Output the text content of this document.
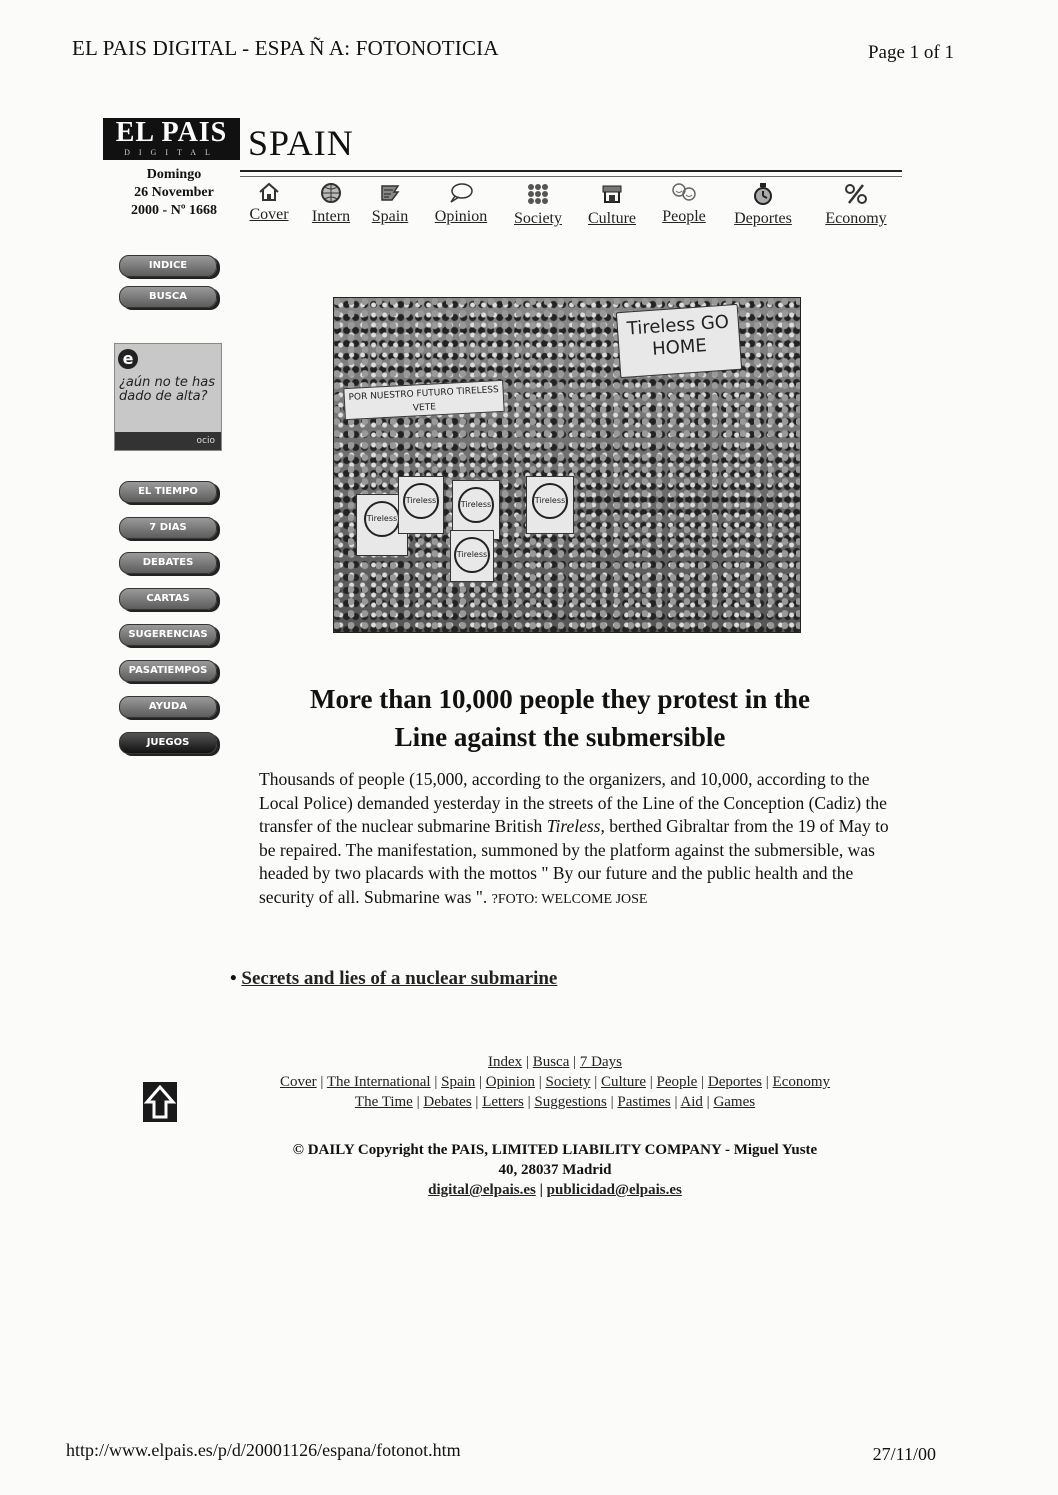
EL PAIS DIGITAL - ESPA Ñ A: FOTONOTICIA	Page 1 of 1
http://www.elpais.es/p/d/20001126/espana/fotonot.htm	27/11/00
EL PAIS
DIGITAL SPAIN
Domingo
26 November
2000 - Nº 1668	Cover	Intern	Spain Opinion Society Culture	People	Deportes	Economy
INDICE
BUSCA
e
¿aún no te has dado de alta?
ocio
EL TIEMPO
7 DIAS
DEBATES
CARTAS
SUGERENCIAS
PASATIEMPOS
AYUDA
JUEGOS
Tireless GO HOME
POR NUESTRO FUTURO TIRELESS VETE
Tireless
Tireless	Tireless
Tireless
Tireless
More than 10,000 people they protest in the
Line against the submersible
Thousands of people (15,000, according to the organizers, and 10,000, according to the Local Police) demanded yesterday in the streets of the Line of the Conception (Cadiz) the transfer of the nuclear submarine British Tireless, berthed Gibraltar from the 19 of May to be repaired. The manifestation, summoned by the platform against the submersible, was headed by two placards with the mottos " By our future and the public health and the security of all. Submarine was ". ?FOTO: WELCOME JOSE
• Secrets and lies of a nuclear submarine
Index | Busca | 7 Days
Cover | The International | Spain | Opinion | Society | Culture | People | Deportes | Economy
The Time | Debates | Letters | Suggestions | Pastimes | Aid | Games
© DAILY Copyright the PAIS, LIMITED LIABILITY COMPANY - Miguel Yuste
40, 28037 Madrid
digital@elpais.es | publicidad@elpais.es
